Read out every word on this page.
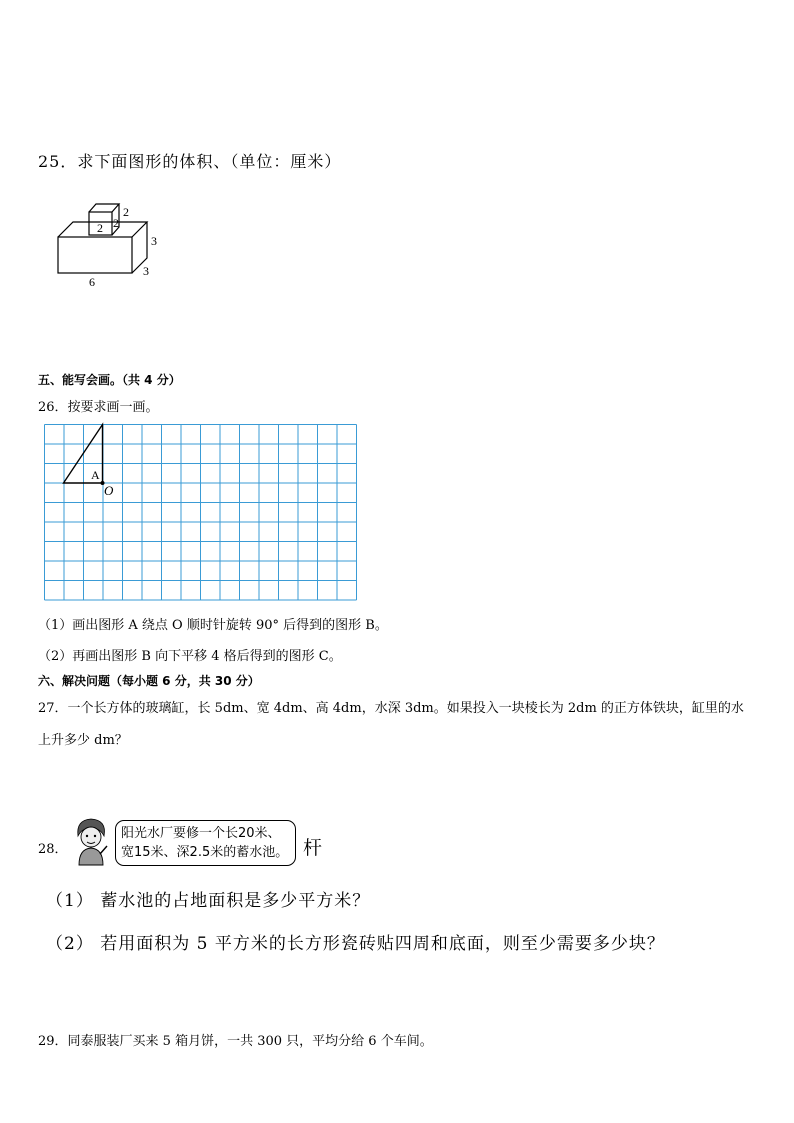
25．求下面图形的体积、（单位：厘米）
2 2
2
3
3
6
五、能写会画。（共 4 分）
26．按要求画一画。
A
O
（1）画出图形 A 绕点 O 顺时针旋转 90° 后得到的图形 B。
（2）再画出图形 B 向下平移 4 格后得到的图形 C。
六、解决问题（每小题 6 分，共 30 分）
27．一个长方体的玻璃缸，长 5dm、宽 4dm、高 4dm，水深 3dm。如果投入一块棱长为 2dm 的正方体铁块，缸里的水
上升多少 dm？
28．
阳光水厂要修一个长20米、
宽15米、深2.5米的蓄水池。 杆
（1） 蓄水池的占地面积是多少平方米？
（2） 若用面积为 5 平方米的长方形瓷砖贴四周和底面，则至少需要多少块？
29．同泰服装厂买来 5 箱月饼，一共 300 只，平均分给 6 个车间。
